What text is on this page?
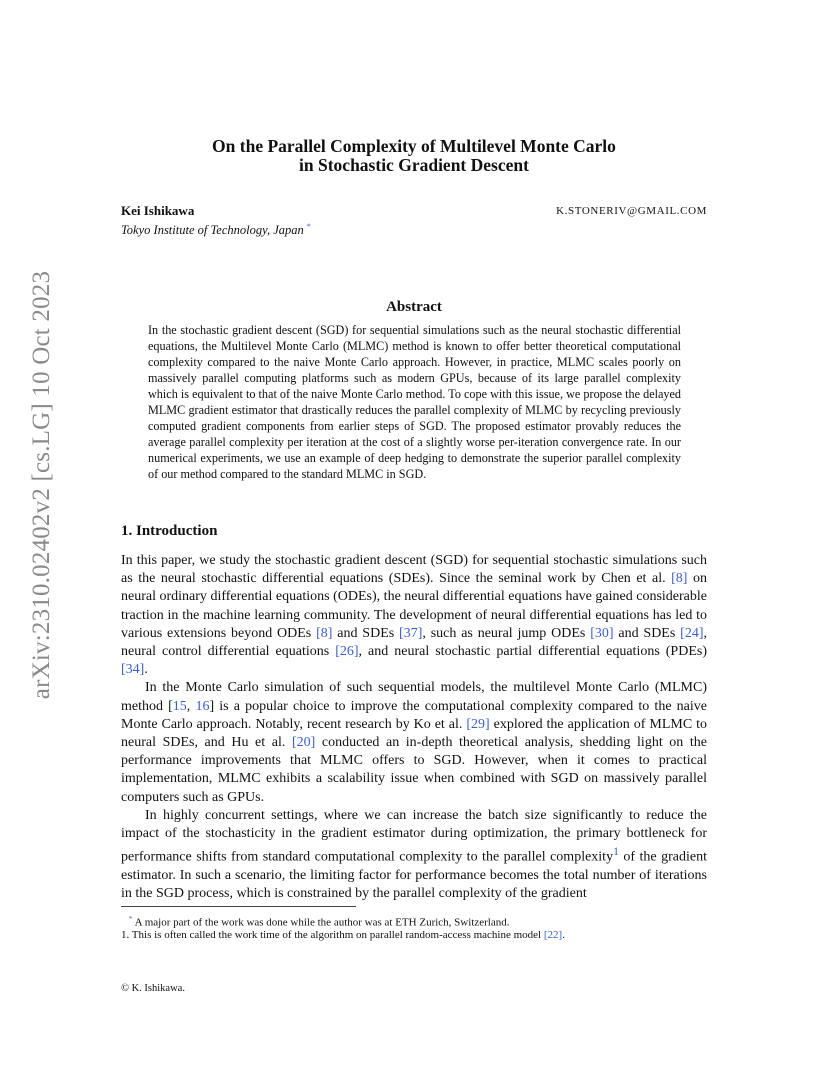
arXiv:2310.02402v2 [cs.LG] 10 Oct 2023
On the Parallel Complexity of Multilevel Monte Carlo
in Stochastic Gradient Descent
Kei Ishikawa	K.STONERIV@GMAIL.COM
Tokyo Institute of Technology, Japan *
Abstract
In the stochastic gradient descent (SGD) for sequential simulations such as the neural stochastic differential equations, the Multilevel Monte Carlo (MLMC) method is known to offer better theoretical computational complexity compared to the naive Monte Carlo approach. However, in practice, MLMC scales poorly on massively parallel computing platforms such as modern GPUs, because of its large parallel complexity which is equivalent to that of the naive Monte Carlo method. To cope with this issue, we propose the delayed MLMC gradient estimator that drastically reduces the parallel complexity of MLMC by recycling previously computed gradient components from earlier steps of SGD. The proposed estimator provably reduces the average parallel complexity per iteration at the cost of a slightly worse per-iteration convergence rate. In our numerical experiments, we use an example of deep hedging to demonstrate the superior parallel complexity of our method compared to the standard MLMC in SGD.
1. Introduction

In this paper, we study the stochastic gradient descent (SGD) for sequential stochastic simulations such as the neural stochastic differential equations (SDEs). Since the seminal work by Chen et al. [8] on neural ordinary differential equations (ODEs), the neural differential equations have gained considerable traction in the machine learning community. The development of neural differential equations has led to various extensions beyond ODEs [8] and SDEs [37], such as neural jump ODEs [30] and SDEs [24], neural control differential equations [26], and neural stochastic partial differential equations (PDEs) [34].

In the Monte Carlo simulation of such sequential models, the multilevel Monte Carlo (MLMC) method [15, 16] is a popular choice to improve the computational complexity compared to the naive Monte Carlo approach. Notably, recent research by Ko et al. [29] explored the application of MLMC to neural SDEs, and Hu et al. [20] conducted an in-depth theoretical analysis, shedding light on the performance improvements that MLMC offers to SGD. However, when it comes to practical implementation, MLMC exhibits a scalability issue when combined with SGD on massively parallel computers such as GPUs.

In highly concurrent settings, where we can increase the batch size significantly to reduce the impact of the stochasticity in the gradient estimator during optimization, the primary bottleneck for performance shifts from standard computational complexity to the parallel complexity$^1$ of the gradient estimator. In such a scenario, the limiting factor for performance becomes the total number of iterations in the SGD process, which is constrained by the parallel complexity of the gradient

* A major part of the work was done while the author was at ETH Zurich, Switzerland.
1. This is often called the work time of the algorithm on parallel random-access machine model [22].
© K. Ishikawa.
